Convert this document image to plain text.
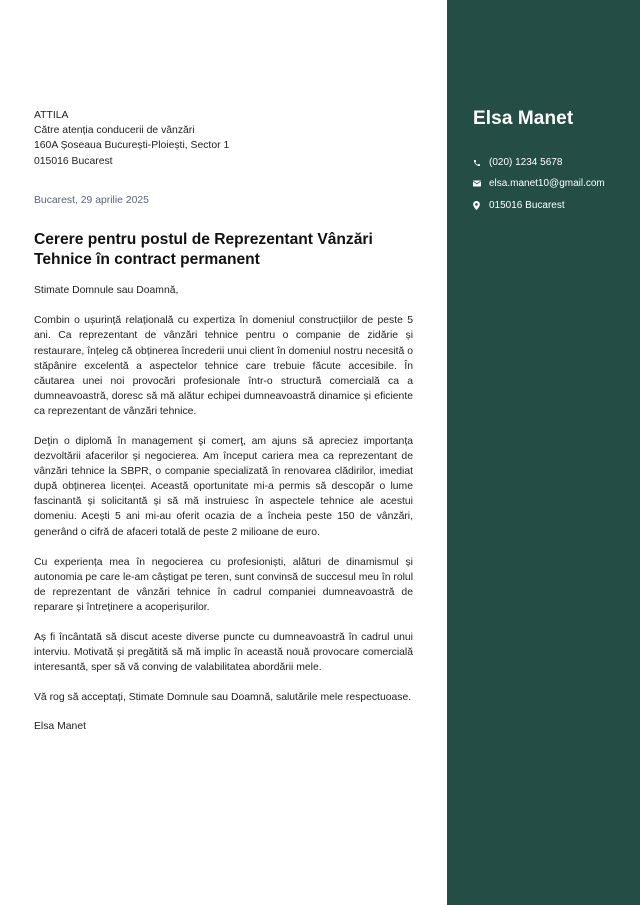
Elsa Manet
(020) 1234 5678
elsa.manet10@gmail.com
015016 Bucarest
ATTILA
Către atenția conducerii de vânzări
160A Șoseaua București-Ploiești, Sector 1
015016 Bucarest
Bucarest, 29 aprilie 2025
Cerere pentru postul de Reprezentant Vânzări Tehnice în contract permanent
Stimate Domnule sau Doamnă,
Combin o ușurință relațională cu expertiza în domeniul construcțiilor de peste 5 ani. Ca reprezentant de vânzări tehnice pentru o companie de zidărie și restaurare, înțeleg că obținerea încrederii unui client în domeniul nostru necesită o stăpânire excelentă a aspectelor tehnice care trebuie făcute accesibile. În căutarea unei noi provocări profesionale într-o structură comercială ca a dumneavoastră, doresc să mă alătur echipei dumneavoastră dinamice și eficiente ca reprezentant de vânzări tehnice.
Deţin o diplomă în management şi comerţ, am ajuns să apreciez importanța dezvoltării afacerilor și negocierea. Am început cariera mea ca reprezentant de vânzări tehnice la SBPR, o companie specializată în renovarea clădirilor, imediat după obținerea licenței. Această oportunitate mi-a permis să descopăr o lume fascinantă și solicitantă și să mă instruiesc în aspectele tehnice ale acestui domeniu. Acești 5 ani mi-au oferit ocazia de a încheia peste 150 de vânzări, generând o cifră de afaceri totală de peste 2 milioane de euro.
Cu experiența mea în negocierea cu profesioniști, alături de dinamismul și autonomia pe care le-am câștigat pe teren, sunt convinsă de succesul meu în rolul de reprezentant de vânzări tehnice în cadrul companiei dumneavoastră de reparare și întreținere a acoperișurilor.
Aș fi încântată să discut aceste diverse puncte cu dumneavoastră în cadrul unui interviu. Motivată și pregătită să mă implic în această nouă provocare comercială interesantă, sper să vă conving de valabilitatea abordării mele.
Vă rog să acceptați, Stimate Domnule sau Doamnă, salutările mele respectuoase.
Elsa Manet
